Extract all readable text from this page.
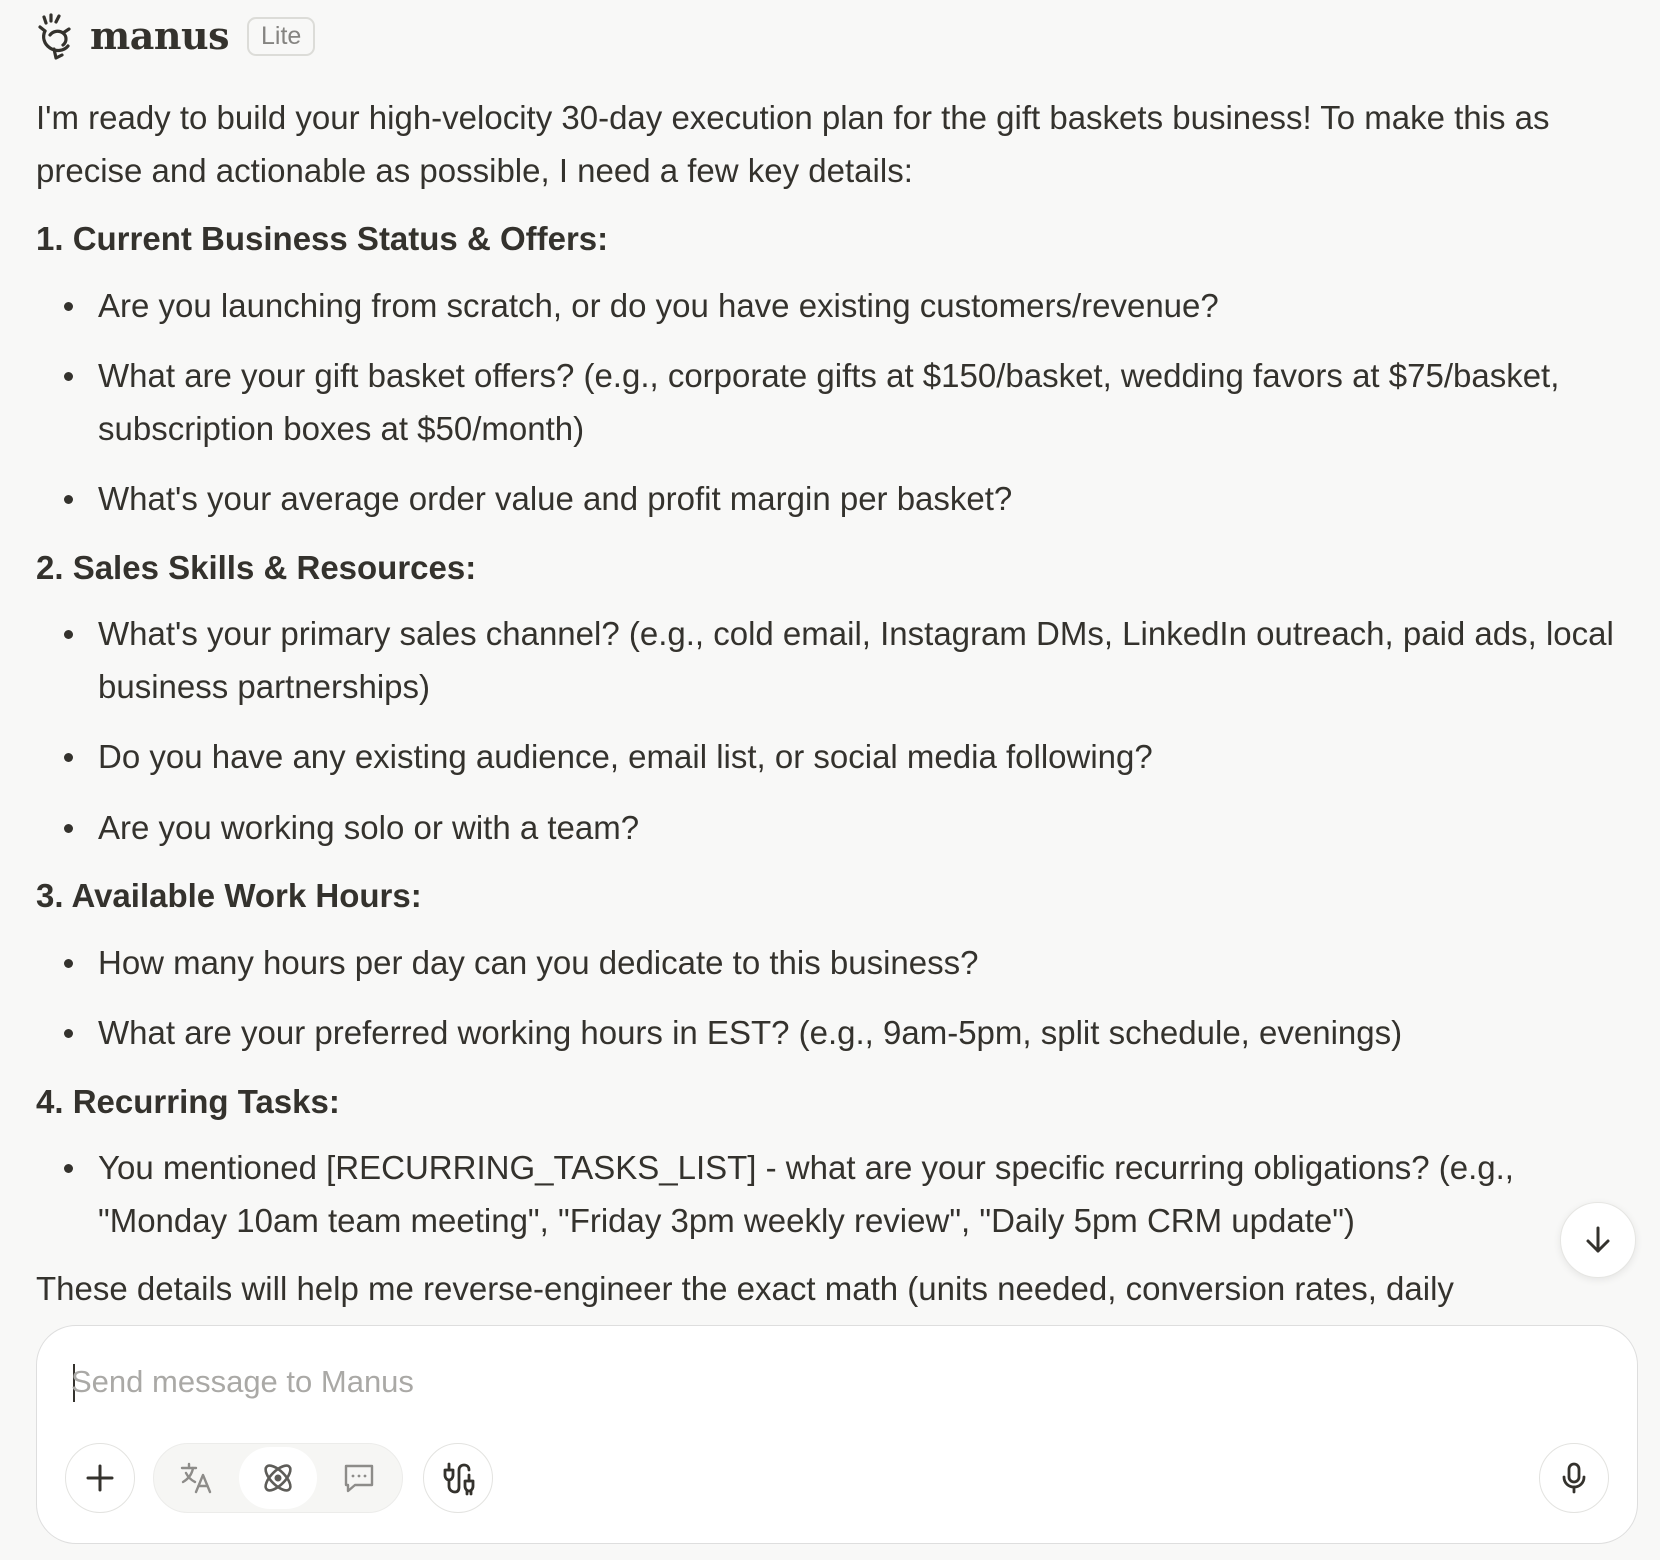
manus	Lite

I'm ready to build your high-velocity 30-day execution plan for the gift baskets business! To make this as precise and actionable as possible, I need a few key details:

1. Current Business Status & Offers:
Are you launching from scratch, or do you have existing customers/revenue?
What are your gift basket offers? (e.g., corporate gifts at $150/basket, wedding favors at $75/basket, subscription boxes at $50/month)
What's your average order value and profit margin per basket?
2. Sales Skills & Resources:
What's your primary sales channel? (e.g., cold email, Instagram DMs, LinkedIn outreach, paid ads, local business partnerships)
Do you have any existing audience, email list, or social media following?
Are you working solo or with a team?
3. Available Work Hours:
How many hours per day can you dedicate to this business?
What are your preferred working hours in EST? (e.g., 9am-5pm, split schedule, evenings)
4. Recurring Tasks:
You mentioned [RECURRING_TASKS_LIST] - what are your specific recurring obligations? (e.g., "Monday 10am team meeting", "Friday 3pm weekly review", "Daily 5pm CRM update")

These details will help me reverse-engineer the exact math (units needed, conversion rates, daily

Send message to Manus
